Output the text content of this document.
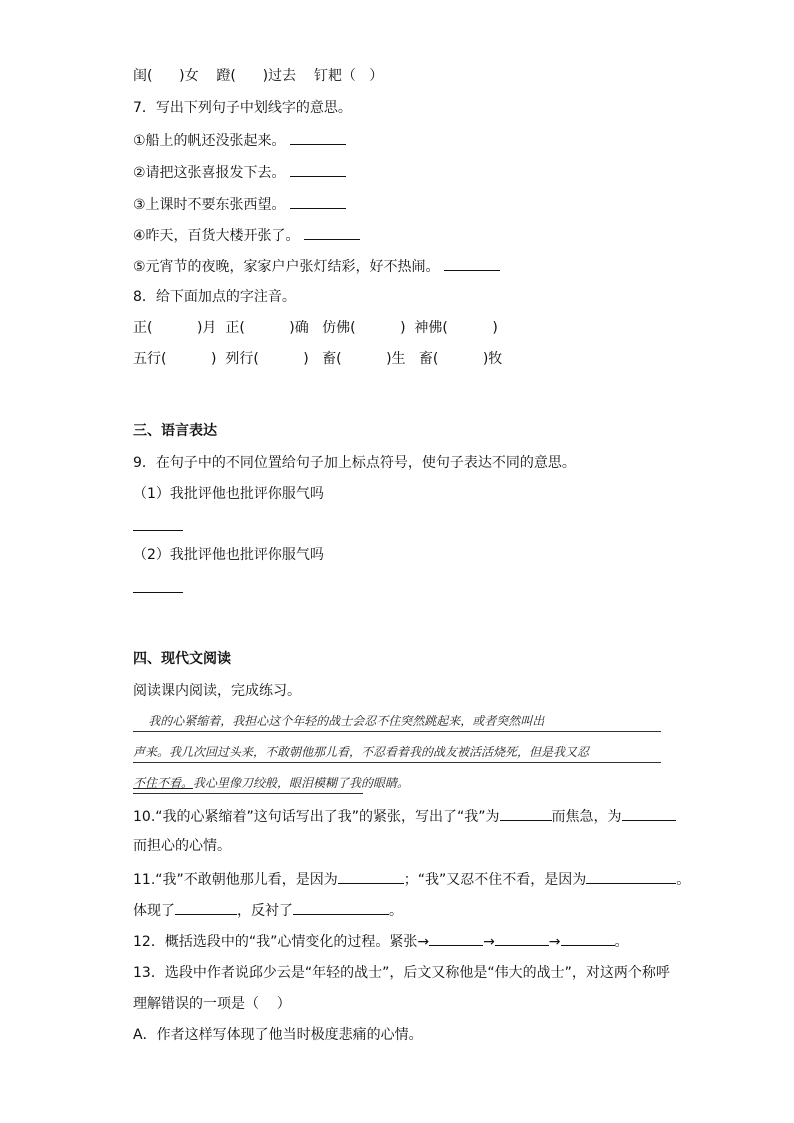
闺(      )女    蹬(      )过去    钉耙（   ）
7．写出下列句子中划线字的意思。
①船上的帆还没张起来。
②请把这张喜报发下去。
③上课时不要东张西望。
④昨天，百货大楼开张了。
⑤元宵节的夜晚，家家户户张灯结彩，好不热闹。
8．给下面加点的字注音。
正(          )月  正(          )确   仿佛(          )  神佛(          )
五行(          )  列行(          )   畜(          )生   畜(          )牧
三、语言表达
9．在句子中的不同位置给句子加上标点符号，使句子表达不同的意思。
（1）我批评他也批评你服气吗
（2）我批评他也批评你服气吗
四、现代文阅读
阅读课内阅读，完成练习。
我的心紧缩着，我担心这个年轻的战士会忍不住突然跳起来，或者突然叫出
声来。我几次回过头来，不敢朝他那儿看，不忍看着我的战友被活活烧死，但是我又忍
不住不看。我心里像刀绞般，眼泪模糊了我的眼睛。
10.“我的心紧缩着”这句话写出了我”的紧张，写出了“我”为	而焦急，为
而担心的心情。
11.“我”不敢朝他那儿看，是因为	；“我”又忍不住不看，是因为	。
体现了	，反衬了	。
12．概括选段中的“我”心情变化的过程。紧张→	→	→	。
13．选段中作者说邱少云是“年轻的战士”，后文又称他是“伟大的战士”，对这两个称呼
理解错误的一项是（    ）
A．作者这样写体现了他当时极度悲痛的心情。
